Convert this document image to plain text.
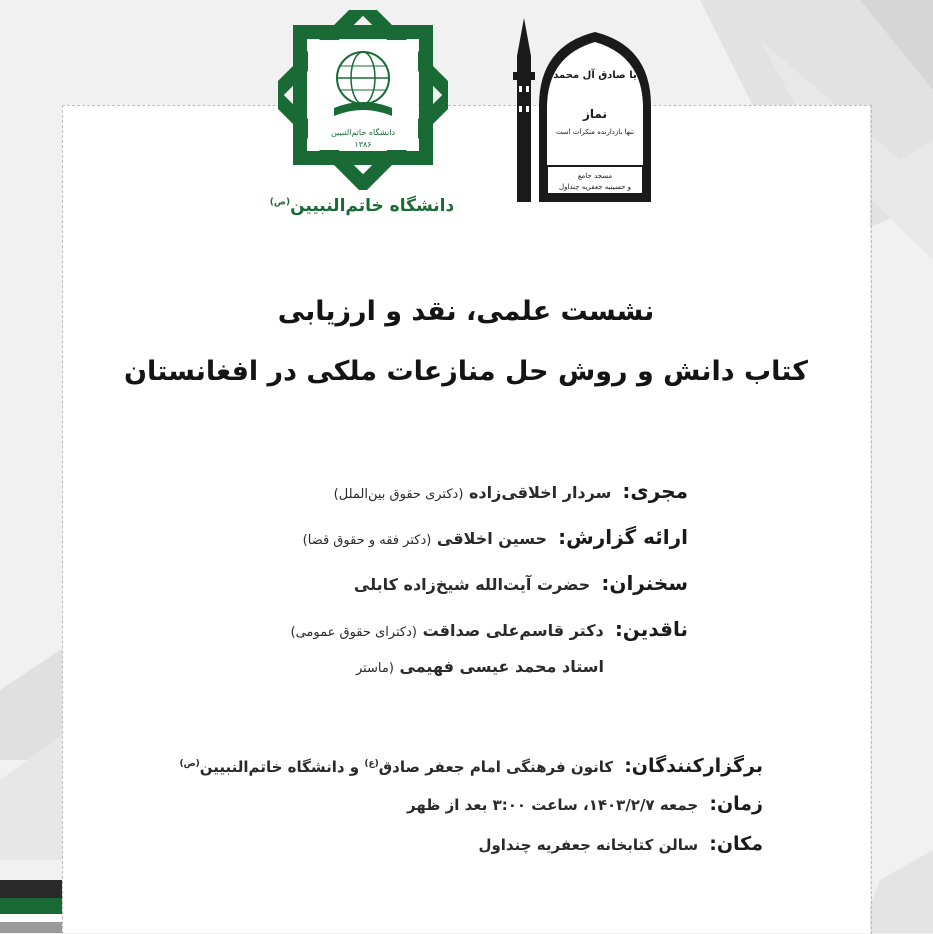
دانشگاه خاتم‌النبیین
۱۳۸۶
دانشگاه خاتم‌النبیین$^{(ص)}$
یا صادق آل محمد
نماز
تنها بازدارنده منکرات است
مسجد جامع
و حسینیه جعفریه چنداول
نشست علمی، نقد و ارزیابی
کتاب دانش و روش حل منازعات ملکی در افغانستان
مجری: سردار اخلاقی‌زاده (دکتری حقوق بین‌الملل)
ارائه گزارش: حسین اخلاقی (دکتر فقه و حقوق قضا)
سخنران: حضرت آیت‌الله شیخ‌زاده کابلی
ناقدین: دکتر قاسم‌علی صداقت (دکترای حقوق عمومی)
استاد محمد عیسی فهیمی (ماستر
برگزارکنندگان: کانون فرهنگی امام جعفر صادق$^{(ع)}$ و دانشگاه خاتم‌النبیین$^{(ص)}$
زمان: جمعه ۱۴۰۳/۲/۷، ساعت ۳:۰۰ بعد از ظهر
مکان: سالن کتابخانه جعفریه چنداول
